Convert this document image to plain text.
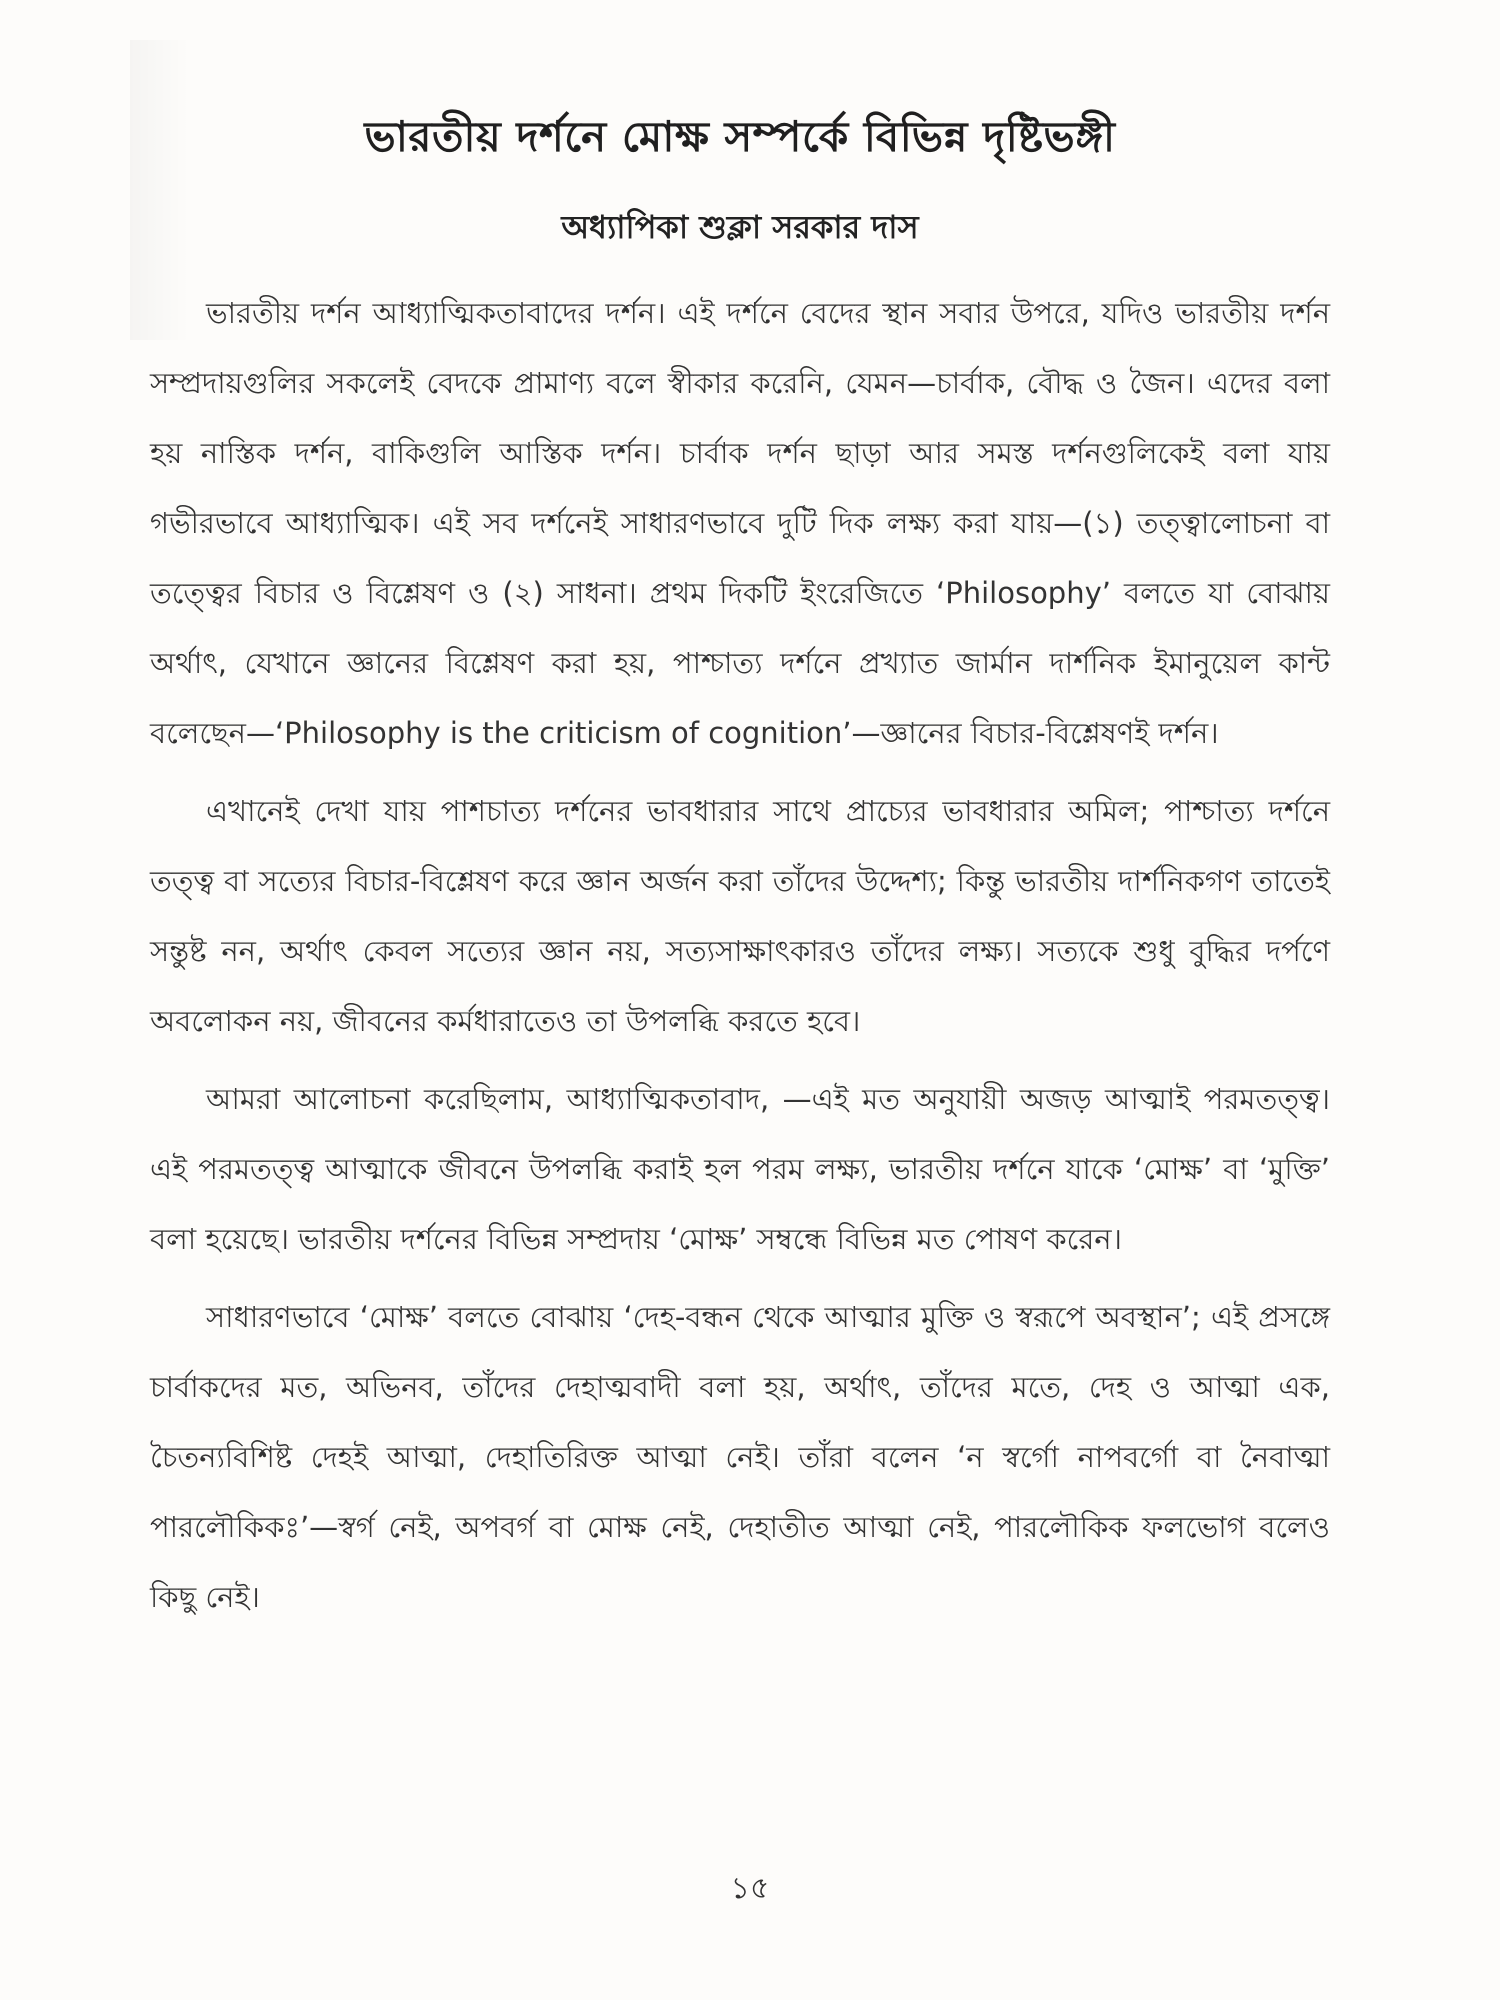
ভারতীয় দর্শনে মোক্ষ সম্পর্কে বিভিন্ন দৃষ্টিভঙ্গী
অধ্যাপিকা শুক্লা সরকার দাস

ভারতীয় দর্শন আধ্যাত্মিকতাবাদের দর্শন। এই দর্শনে বেদের স্থান সবার উপরে, যদিও ভারতীয় দর্শন সম্প্রদায়গুলির সকলেই বেদকে প্রামাণ্য বলে স্বীকার করেনি, যেমন—চার্বাক, বৌদ্ধ ও জৈন। এদের বলা হয় নাস্তিক দর্শন, বাকিগুলি আস্তিক দর্শন। চার্বাক দর্শন ছাড়া আর সমস্ত দর্শনগুলিকেই বলা যায় গভীরভাবে আধ্যাত্মিক। এই সব দর্শনেই সাধারণভাবে দুটি দিক লক্ষ্য করা যায়—(১) তত্ত্বালোচনা বা তত্ত্বের বিচার ও বিশ্লেষণ ও (২) সাধনা। প্রথম দিকটি ইংরেজিতে ‘Philosophy’ বলতে যা বোঝায় অর্থাৎ, যেখানে জ্ঞানের বিশ্লেষণ করা হয়, পাশ্চাত্য দর্শনে প্রখ্যাত জার্মান দার্শনিক ইমানুয়েল কান্ট বলেছেন—‘Philosophy is the criticism of cognition’—জ্ঞানের বিচার-বিশ্লেষণই দর্শন।

এখানেই দেখা যায় পাশচাত্য দর্শনের ভাবধারার সাথে প্রাচ্যের ভাবধারার অমিল; পাশ্চাত্য দর্শনে তত্ত্ব বা সত্যের বিচার-বিশ্লেষণ করে জ্ঞান অর্জন করা তাঁদের উদ্দেশ্য; কিন্তু ভারতীয় দার্শনিকগণ তাতেই সন্তুষ্ট নন, অর্থাৎ কেবল সত্যের জ্ঞান নয়, সত্যসাক্ষাৎকারও তাঁদের লক্ষ্য। সত্যকে শুধু বুদ্ধির দর্পণে অবলোকন নয়, জীবনের কর্মধারাতেও তা উপলব্ধি করতে হবে।

আমরা আলোচনা করেছিলাম, আধ্যাত্মিকতাবাদ, —এই মত অনুযায়ী অজড় আত্মাই পরমতত্ত্ব। এই পরমতত্ত্ব আত্মাকে জীবনে উপলব্ধি করাই হল পরম লক্ষ্য, ভারতীয় দর্শনে যাকে ‘মোক্ষ’ বা ‘মুক্তি’ বলা হয়েছে। ভারতীয় দর্শনের বিভিন্ন সম্প্রদায় ‘মোক্ষ’ সম্বন্ধে বিভিন্ন মত পোষণ করেন।

সাধারণভাবে ‘মোক্ষ’ বলতে বোঝায় ‘দেহ-বন্ধন থেকে আত্মার মুক্তি ও স্বরূপে অবস্থান’; এই প্রসঙ্গে চার্বাকদের মত, অভিনব, তাঁদের দেহাত্মবাদী বলা হয়, অর্থাৎ, তাঁদের মতে, দেহ ও আত্মা এক, চৈতন্যবিশিষ্ট দেহই আত্মা, দেহাতিরিক্ত আত্মা নেই। তাঁরা বলেন ‘ন স্বর্গো নাপবর্গো বা নৈবাত্মা পারলৌকিকঃ’—স্বর্গ নেই, অপবর্গ বা মোক্ষ নেই, দেহাতীত আত্মা নেই, পারলৌকিক ফলভোগ বলেও কিছু নেই।

১৫
